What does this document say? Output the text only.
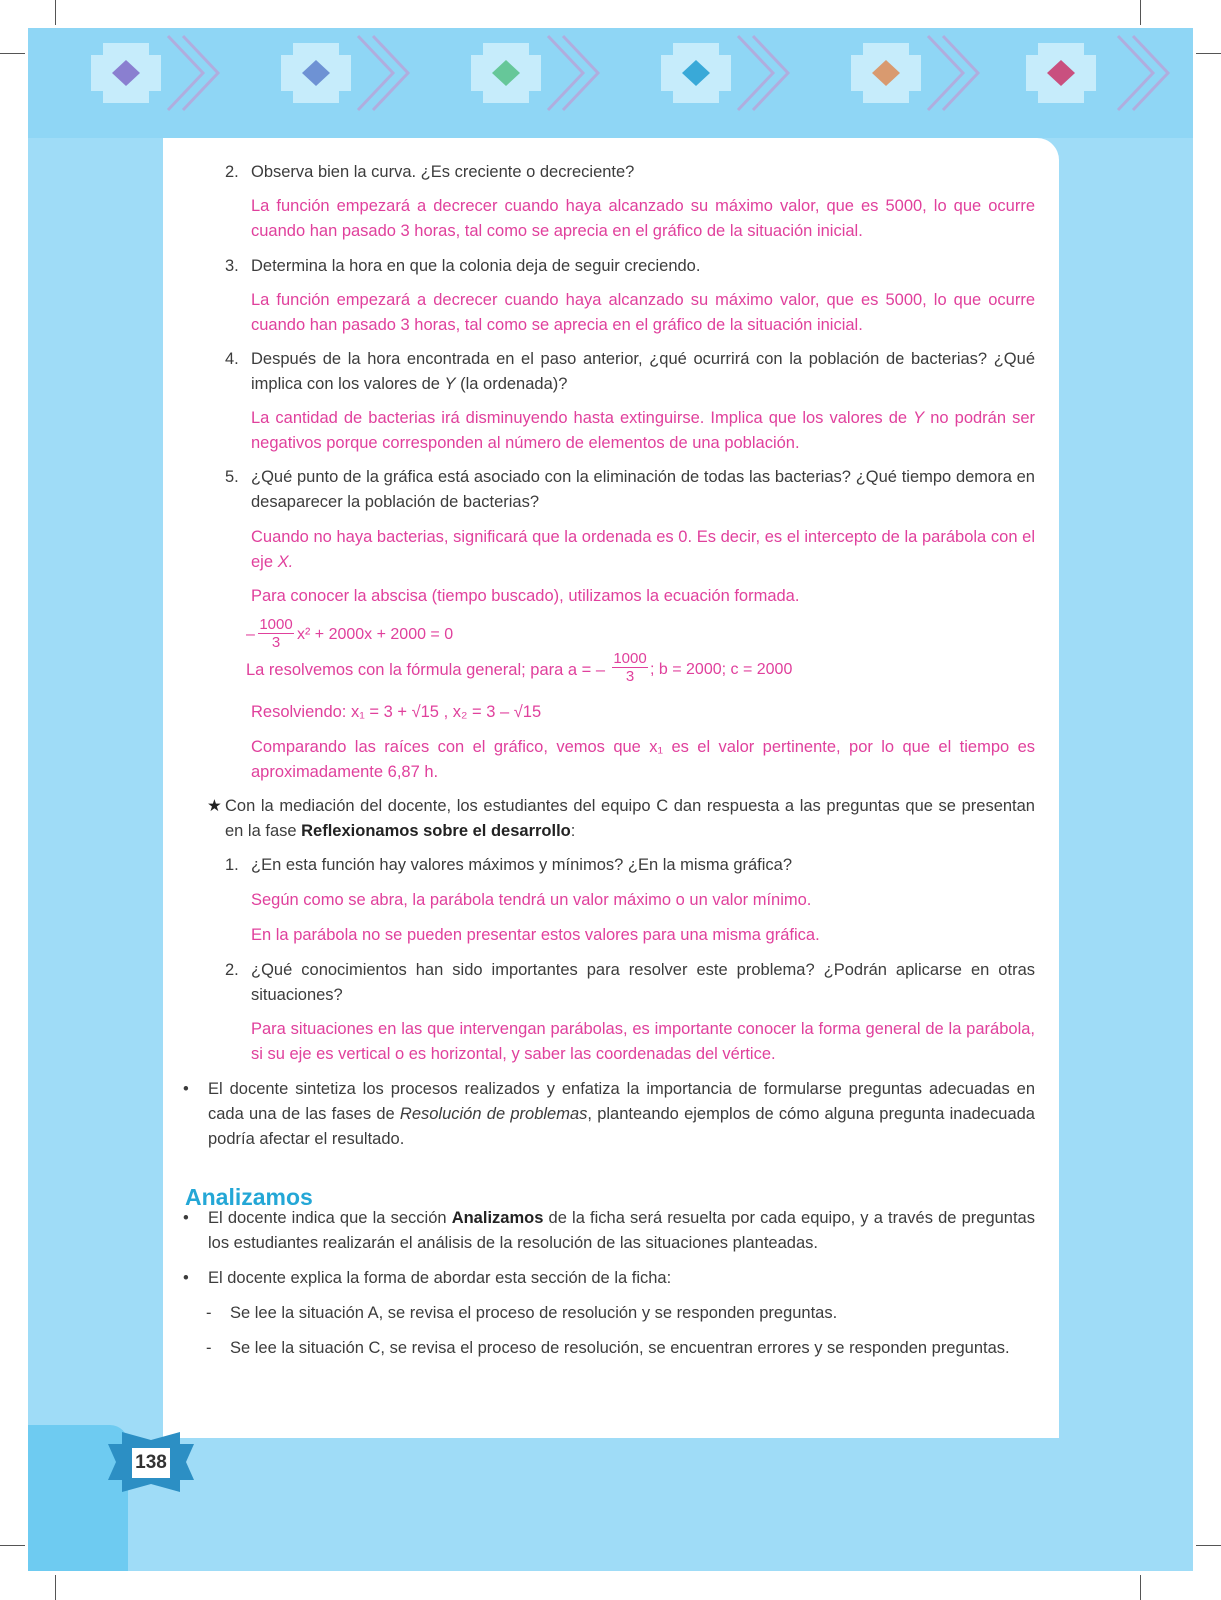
2. Observa bien la curva. ¿Es creciente o decreciente?
La función empezará a decrecer cuando haya alcanzado su máximo valor, que es 5000, lo que ocurre cuando han pasado 3 horas, tal como se aprecia en el gráfico de la situación inicial.
3. Determina la hora en que la colonia deja de seguir creciendo.
La función empezará a decrecer cuando haya alcanzado su máximo valor, que es 5000, lo que ocurre cuando han pasado 3 horas, tal como se aprecia en el gráfico de la situación inicial.
4. Después de la hora encontrada en el paso anterior, ¿qué ocurrirá con la población de bacterias? ¿Qué implica con los valores de Y (la ordenada)?
La cantidad de bacterias irá disminuyendo hasta extinguirse. Implica que los valores de Y no podrán ser negativos porque corresponden al número de elementos de una población.
5. ¿Qué punto de la gráfica está asociado con la eliminación de todas las bacterias? ¿Qué tiempo demora en desaparecer la población de bacterias?
Cuando no haya bacterias, significará que la ordenada es 0. Es decir, es el intercepto de la parábola con el eje X.
Para conocer la abscisa (tiempo buscado), utilizamos la ecuación formada.
– $\frac{1000}{3} x^2 + 2000x + 2000 = 0$
La resolvemos con la fórmula general; para a = – $\frac{1000}{3}$ ; b = 2000; c = 2000
Resolviendo: x₁ = 3 + √15 , x₂ = 3 – √15
Comparando las raíces con el gráfico, vemos que x₁ es el valor pertinente, por lo que el tiempo es aproximadamente 6,87 h.
★ Con la mediación del docente, los estudiantes del equipo C dan respuesta a las preguntas que se presentan en la fase Reflexionamos sobre el desarrollo:
1. ¿En esta función hay valores máximos y mínimos? ¿En la misma gráfica?
Según como se abra, la parábola tendrá un valor máximo o un valor mínimo.
En la parábola no se pueden presentar estos valores para una misma gráfica.
2. ¿Qué conocimientos han sido importantes para resolver este problema? ¿Podrán aplicarse en otras situaciones?
Para situaciones en las que intervengan parábolas, es importante conocer la forma general de la parábola, si su eje es vertical o es horizontal, y saber las coordenadas del vértice.
• El docente sintetiza los procesos realizados y enfatiza la importancia de formularse preguntas adecuadas en cada una de las fases de Resolución de problemas, planteando ejemplos de cómo alguna pregunta inadecuada podría afectar el resultado.
Analizamos
• El docente indica que la sección Analizamos de la ficha será resuelta por cada equipo, y a través de preguntas los estudiantes realizarán el análisis de la resolución de las situaciones planteadas.
• El docente explica la forma de abordar esta sección de la ficha:
- Se lee la situación A, se revisa el proceso de resolución y se responden preguntas.
- Se lee la situación C, se revisa el proceso de resolución, se encuentran errores y se responden preguntas.
138
